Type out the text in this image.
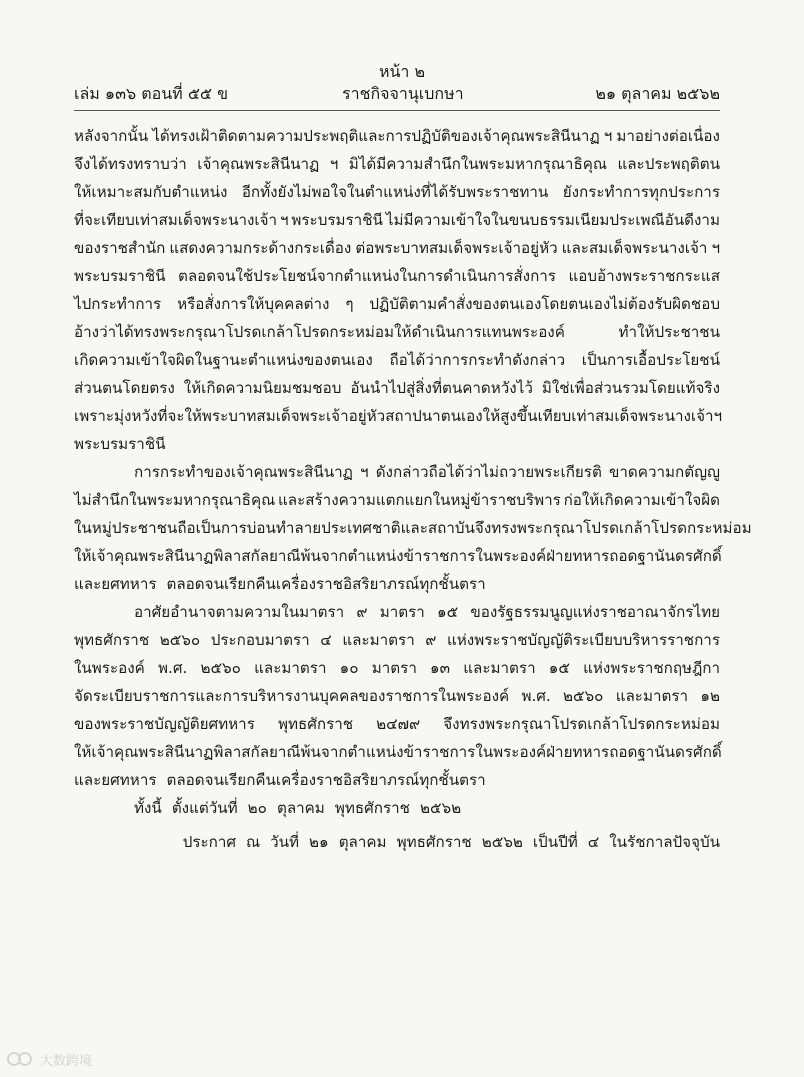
หน้า ๒
เล่ม ๑๓๖ ตอนที่ ๕๕ ข	ราชกิจจานุเบกษา	๒๑ ตุลาคม ๒๕๖๒
หลังจากนั้น ได้ทรงเฝ้าติดตามความประพฤติและการปฏิบัติของเจ้าคุณพระสินีนาฏ ฯ มาอย่างต่อเนื่อง
จึงได้ทรงทราบว่า เจ้าคุณพระสินีนาฏ ฯ มิได้มีความสำนึกในพระมหากรุณาธิคุณ และประพฤติตน
ให้เหมาะสมกับตำแหน่ง อีกทั้งยังไม่พอใจในตำแหน่งที่ได้รับพระราชทาน ยังกระทำการทุกประการ
ที่จะเทียบเท่าสมเด็จพระนางเจ้า ฯ พระบรมราชินี ไม่มีความเข้าใจในขนบธรรมเนียมประเพณีอันดีงาม
ของราชสำนัก แสดงความกระด้างกระเดื่อง ต่อพระบาทสมเด็จพระเจ้าอยู่หัว และสมเด็จพระนางเจ้า ฯ
พระบรมราชินี ตลอดจนใช้ประโยชน์จากตำแหน่งในการดำเนินการสั่งการ แอบอ้างพระราชกระแส
ไปกระทำการ หรือสั่งการให้บุคคลต่าง ๆ ปฏิบัติตามคำสั่งของตนเองโดยตนเองไม่ต้องรับผิดชอบ
อ้างว่าได้ทรงพระกรุณาโปรดเกล้าโปรดกระหม่อมให้ดำเนินการแทนพระองค์	ทำให้ประชาชน
เกิดความเข้าใจผิดในฐานะตำแหน่งของตนเอง ถือได้ว่าการกระทำดังกล่าว เป็นการเอื้อประโยชน์
ส่วนตนโดยตรง ให้เกิดความนิยมชมชอบ อันนำไปสู่สิ่งที่ตนคาดหวังไว้ มิใช่เพื่อส่วนรวมโดยแท้จริง
เพราะมุ่งหวังที่จะให้พระบาทสมเด็จพระเจ้าอยู่หัวสถาปนาตนเองให้สูงขึ้น เทียบเท่าสมเด็จพระนางเจ้า ฯ
พระบรมราชินี
การกระทำของเจ้าคุณพระสินีนาฏ ฯ ดังกล่าวถือได้ว่าไม่ถวายพระเกียรติ ขาดความกตัญญู
ไม่สำนึกในพระมหากรุณาธิคุณ และสร้างความแตกแยกในหมู่ข้าราชบริพาร ก่อให้เกิดความเข้าใจผิด
ในหมู่ประชาชน ถือเป็นการบ่อนทำลายประเทศชาติและสถาบัน จึงทรงพระกรุณาโปรดเกล้าโปรดกระหม่อม
ให้เจ้าคุณพระสินีนาฏ พิลาสกัลยาณี พ้นจากตำแหน่งข้าราชการในพระองค์ฝ่ายทหาร ถอดฐานันดรศักดิ์
และยศทหาร ตลอดจนเรียกคืนเครื่องราชอิสริยาภรณ์ทุกชั้นตรา
อาศัยอำนาจตามความในมาตรา ๙ มาตรา ๑๕ ของรัฐธรรมนูญแห่งราชอาณาจักรไทย
พุทธศักราช ๒๕๖๐ ประกอบมาตรา ๔ และมาตรา ๙ แห่งพระราชบัญญัติระเบียบบริหารราชการ
ในพระองค์ พ.ศ. ๒๕๖๐ และมาตรา ๑๐ มาตรา ๑๓ และมาตรา ๑๕ แห่งพระราชกฤษฎีกา
จัดระเบียบราชการและการบริหารงานบุคคลของราชการในพระองค์ พ.ศ. ๒๕๖๐ และมาตรา ๑๒
ของพระราชบัญญัติยศทหาร พุทธศักราช ๒๔๗๙ จึงทรงพระกรุณาโปรดเกล้าโปรดกระหม่อม
ให้เจ้าคุณพระสินีนาฏ พิลาสกัลยาณี พ้นจากตำแหน่งข้าราชการในพระองค์ฝ่ายทหาร ถอดฐานันดรศักดิ์
และยศทหาร ตลอดจนเรียกคืนเครื่องราชอิสริยาภรณ์ทุกชั้นตรา
ทั้งนี้ ตั้งแต่วันที่ ๒๐ ตุลาคม พุทธศักราช ๒๕๖๒
ประกาศ ณ วันที่ ๒๑ ตุลาคม พุทธศักราช ๒๕๖๒ เป็นปีที่ ๔ ในรัชกาลปัจจุบัน
大数跨境
